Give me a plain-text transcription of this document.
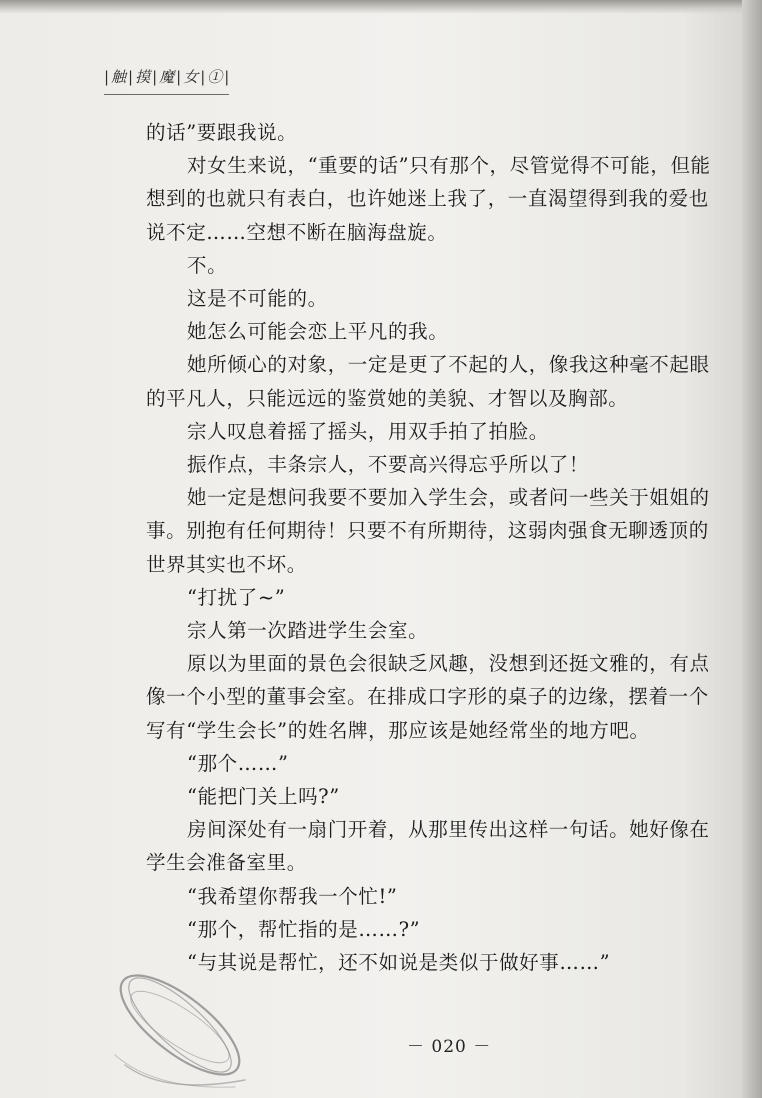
|触|摸|魔|女|①|

的话”要跟我说。

对女生来说，“重要的话”只有那个，尽管觉得不可能，但能想到的也就只有表白，也许她迷上我了，一直渴望得到我的爱也说不定……空想不断在脑海盘旋。

不。

这是不可能的。

她怎么可能会恋上平凡的我。

她所倾心的对象，一定是更了不起的人，像我这种毫不起眼的平凡人，只能远远的鉴赏她的美貌、才智以及胸部。

宗人叹息着摇了摇头，用双手拍了拍脸。

振作点，丰条宗人，不要高兴得忘乎所以了！

她一定是想问我要不要加入学生会，或者问一些关于姐姐的事。别抱有任何期待！只要不有所期待，这弱肉强食无聊透顶的世界其实也不坏。

“打扰了~”

宗人第一次踏进学生会室。

原以为里面的景色会很缺乏风趣，没想到还挺文雅的，有点像一个小型的董事会室。在排成口字形的桌子的边缘，摆着一个写有“学生会长”的姓名牌，那应该是她经常坐的地方吧。

“那个……”

“能把门关上吗?”

房间深处有一扇门开着，从那里传出这样一句话。她好像在学生会准备室里。

“我希望你帮我一个忙!”

“那个，帮忙指的是……?”

“与其说是帮忙，还不如说是类似于做好事……”

－ 020 －
